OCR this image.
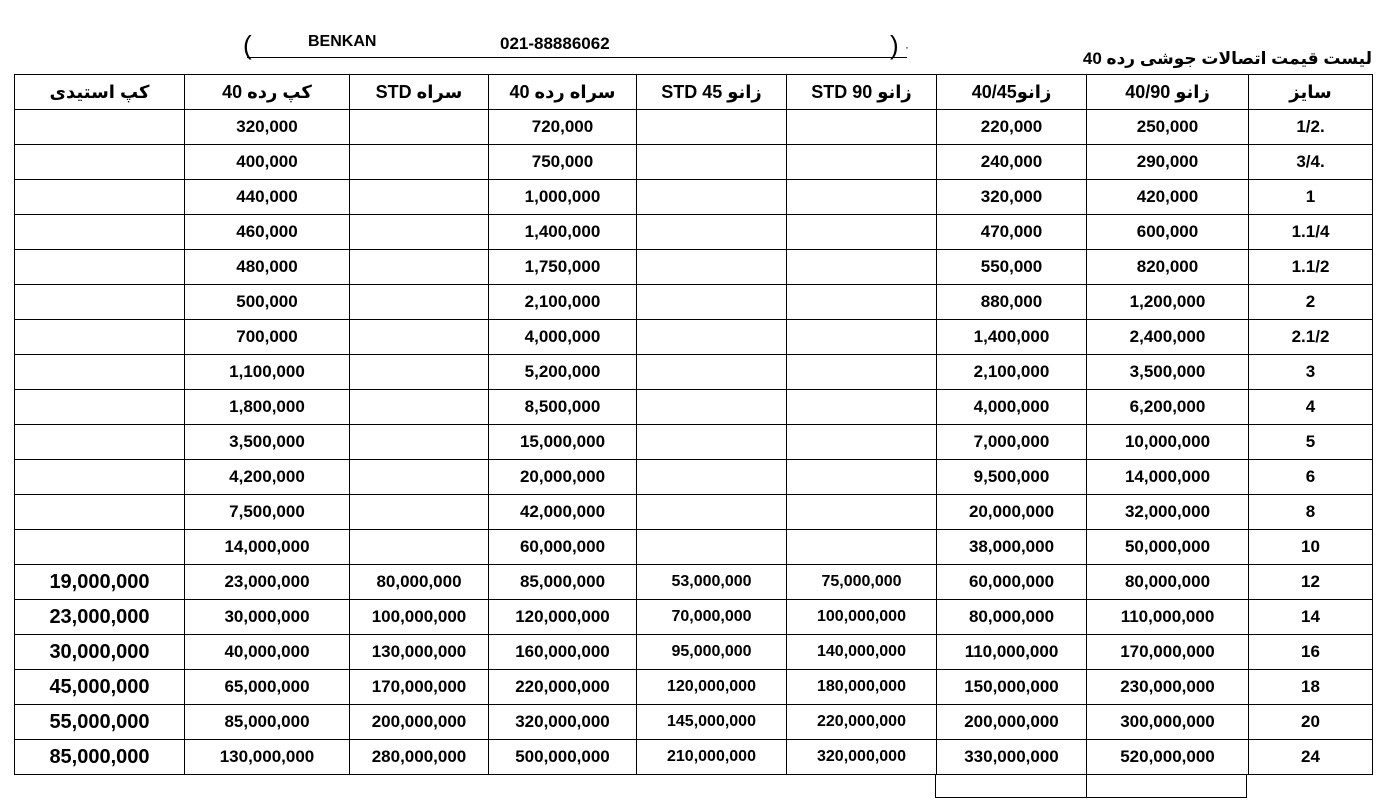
(	) ·
BENKAN	021-88886062
لیست قیمت اتصالات جوشی رده 40
کپ استیدی	کپ رده 40	سراه STD	سراه رده 40	زانو STD 45	زانو STD 90	زانو40/45	زانو 40/90	سایز
	320,000		720,000			220,000	250,000	1/2.
	400,000		750,000			240,000	290,000	3/4.
	440,000		1,000,000			320,000	420,000	1
	460,000		1,400,000			470,000	600,000	1.1/4
	480,000		1,750,000			550,000	820,000	1.1/2
	500,000		2,100,000			880,000	1,200,000	2
	700,000		4,000,000			1,400,000	2,400,000	2.1/2
	1,100,000		5,200,000			2,100,000	3,500,000	3
	1,800,000		8,500,000			4,000,000	6,200,000	4
	3,500,000		15,000,000			7,000,000	10,000,000	5
	4,200,000		20,000,000			9,500,000	14,000,000	6
	7,500,000		42,000,000			20,000,000	32,000,000	8
	14,000,000		60,000,000			38,000,000	50,000,000	10
19,000,000	23,000,000	80,000,000	85,000,000	53,000,000	75,000,000	60,000,000	80,000,000	12
23,000,000	30,000,000	100,000,000	120,000,000	70,000,000	100,000,000	80,000,000	110,000,000	14
30,000,000	40,000,000	130,000,000	160,000,000	95,000,000	140,000,000	110,000,000	170,000,000	16
45,000,000	65,000,000	170,000,000	220,000,000	120,000,000	180,000,000	150,000,000	230,000,000	18
55,000,000	85,000,000	200,000,000	320,000,000	145,000,000	220,000,000	200,000,000	300,000,000	20
85,000,000	130,000,000	280,000,000	500,000,000	210,000,000	320,000,000	330,000,000	520,000,000	24
